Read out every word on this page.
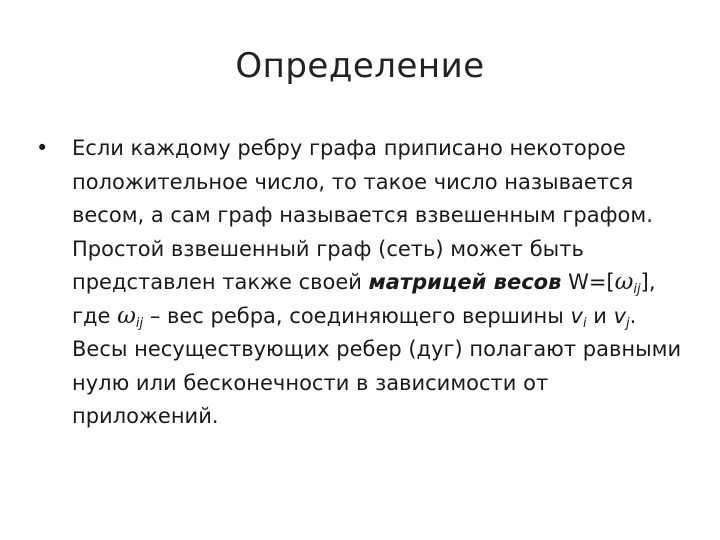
Определение
• Если каждому ребру графа приписано некоторое положительное число, то такое число называется весом, а сам граф называется взвешенным графом. Простой взвешенный граф (сеть) может быть представлен также своей матрицей весов $W=[\omega_{ij}]$, где $\omega_{ij}$ – вес ребра, соединяющего вершины $v_i$ и $v_j$. Весы несуществующих ребер (дуг) полагают равными нулю или бесконечности в зависимости от приложений.
